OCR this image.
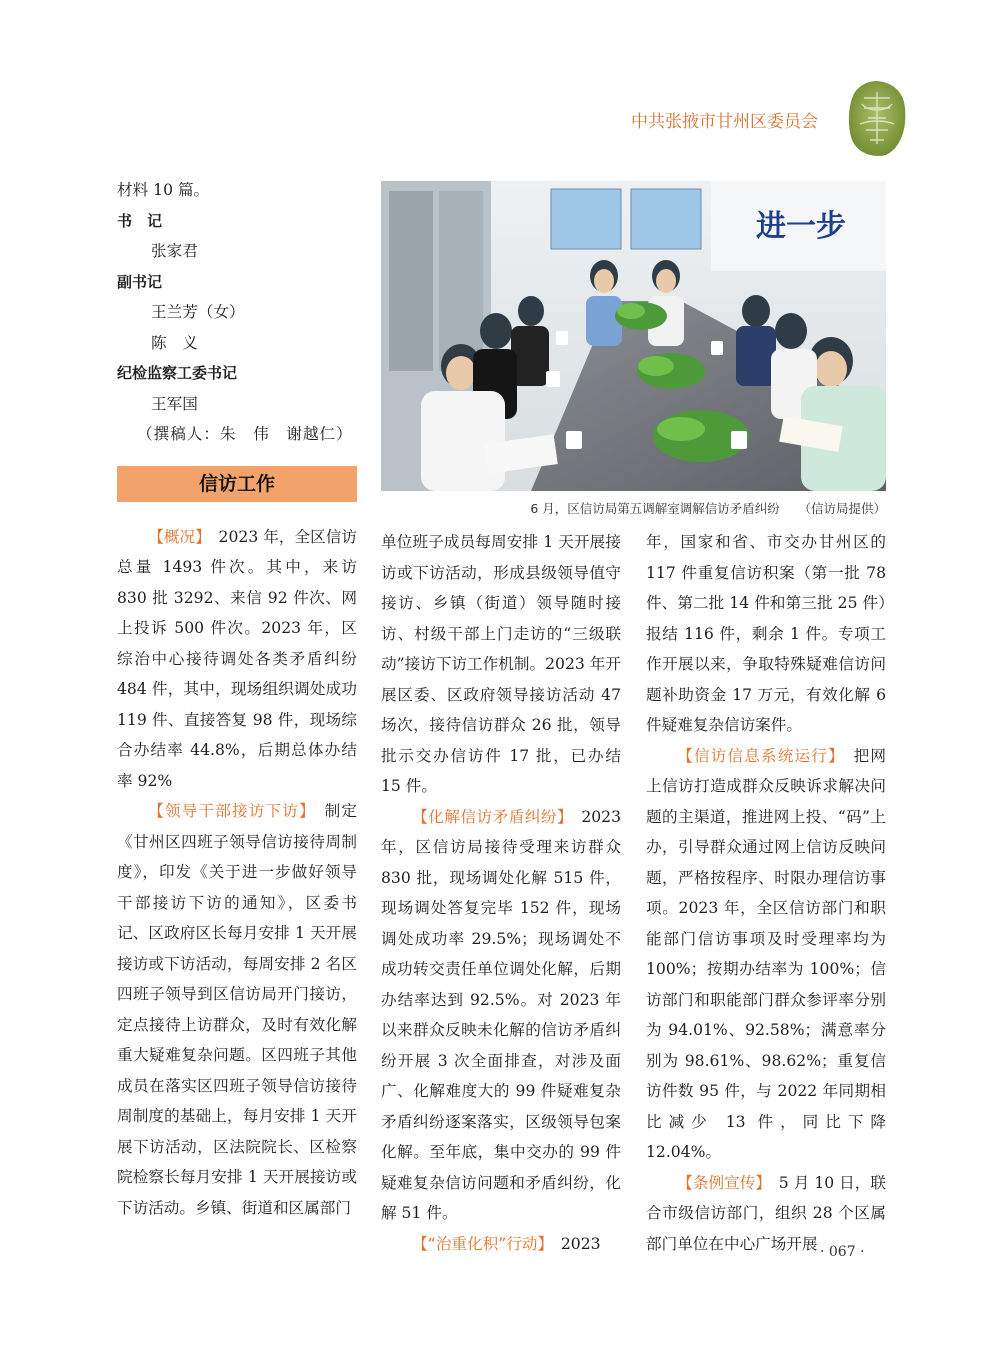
中共张掖市甘州区委员会

材料 10 篇。

书　记

张家君

副书记

王兰芳（女）

陈　义

纪检监察工委书记

王军国

（撰稿人：朱　伟　谢越仁）

信访工作

【概况】　2023 年，全区信访总量 1493 件次。其中，来访 830 批 3292、来信 92 件次、网上投诉 500 件次。2023 年，区综治中心接待调处各类矛盾纠纷 484 件，其中，现场组织调处成功 119 件、直接答复 98 件，现场综合办结率 44.8%，后期总体办结率 92%

【领导干部接访下访】　制定《甘州区四班子领导信访接待周制度》，印发《关于进一步做好领导干部接访下访的通知》，区委书记、区政府区长每月安排 1 天开展接访或下访活动，每周安排 2 名区四班子领导到区信访局开门接访，定点接待上访群众，及时有效化解重大疑难复杂问题。区四班子其他成员在落实区四班子领导信访接待周制度的基础上，每月安排 1 天开展下访活动，区法院院长、区检察院检察长每月安排 1 天开展接访或下访活动。乡镇、街道和区属部门

进一步
6 月，区信访局第五调解室调解信访矛盾纠纷　　（信访局提供）

单位班子成员每周安排 1 天开展接访或下访活动，形成县级领导值守接访、乡镇（街道）领导随时接访、村级干部上门走访的“三级联动”接访下访工作机制。2023 年开展区委、区政府领导接访活动 47 场次，接待信访群众 26 批，领导批示交办信访件 17 批，已办结 15 件。

【化解信访矛盾纠纷】　2023 年，区信访局接待受理来访群众 830 批，现场调处化解 515 件，现场调处答复完毕 152 件，现场调处成功率 29.5%；现场调处不成功转交责任单位调处化解，后期办结率达到 92.5%。对 2023 年以来群众反映未化解的信访矛盾纠纷开展 3 次全面排查，对涉及面广、化解难度大的 99 件疑难复杂矛盾纠纷逐案落实，区级领导包案化解。至年底，集中交办的 99 件疑难复杂信访问题和矛盾纠纷，化解 51 件。

【“治重化积”行动】　2023

年，国家和省、市交办甘州区的 117 件重复信访积案（第一批 78 件、第二批 14 件和第三批 25 件）报结 116 件，剩余 1 件。专项工作开展以来，争取特殊疑难信访问题补助资金 17 万元，有效化解 6 件疑难复杂信访案件。

【信访信息系统运行】　把网上信访打造成群众反映诉求解决问题的主渠道，推进网上投、“码”上办，引导群众通过网上信访反映问题，严格按程序、时限办理信访事项。2023 年，全区信访部门和职能部门信访事项及时受理率均为 100%；按期办结率为 100%；信访部门和职能部门群众参评率分别为 94.01%、92.58%；满意率分别为 98.61%、98.62%；重复信访件数 95 件，与 2022 年同期相比减少 13 件，同比下降 12.04%。

【条例宣传】　5 月 10 日，联合市级信访部门，组织 28 个区属部门单位在中心广场开展 · 067 ·
